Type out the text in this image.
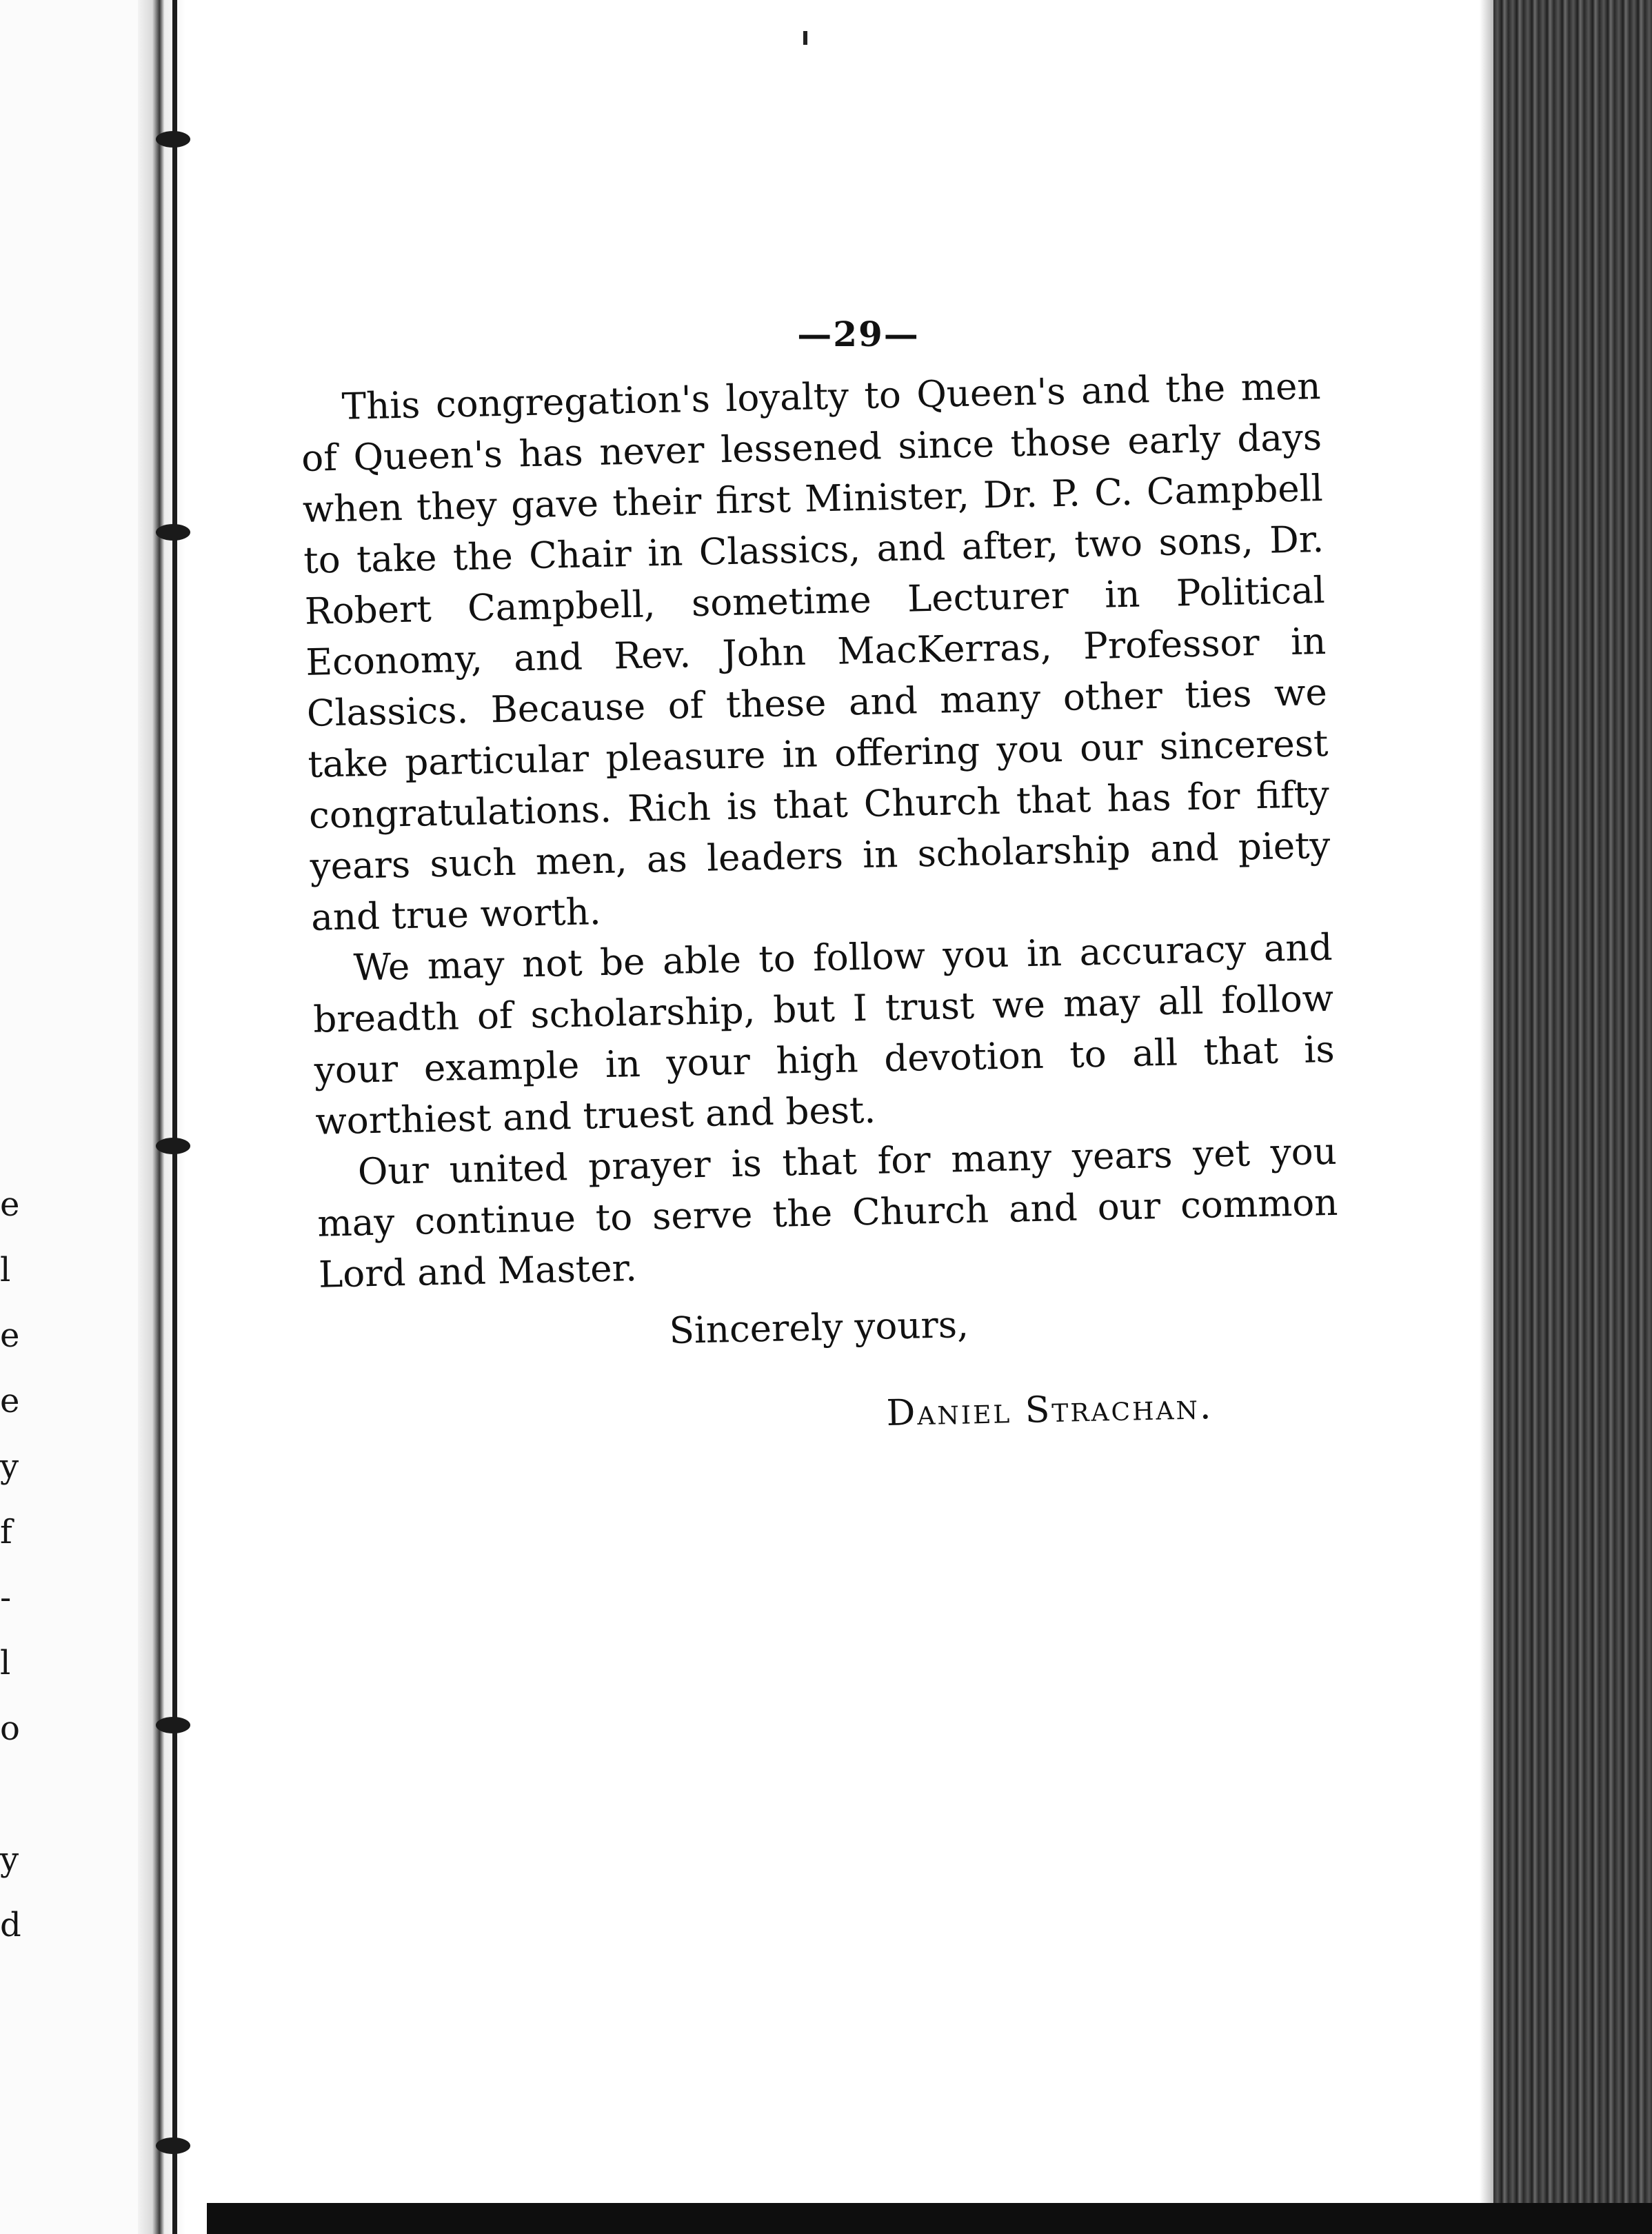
e
l
e
e
y
f
-
l
o

y
d
—29—

This congregation's loyalty to Queen's and the men of Queen's has never lessened since those early days when they gave their first Minister, Dr. P. C. Campbell to take the Chair in Classics, and after, two sons, Dr. Robert Campbell, sometime Lecturer in Political Economy, and Rev. John MacKerras, Professor in Classics. Because of these and many other ties we take particular pleasure in offering you our sincerest congratulations. Rich is that Church that has for fifty years such men, as leaders in scholarship and piety and true worth.

We may not be able to follow you in accuracy and breadth of scholarship, but I trust we may all follow your example in your high devotion to all that is worthiest and truest and best.

Our united prayer is that for many years yet you may continue to serve the Church and our common Lord and Master.

Sincerely yours,
Daniel Strachan.
